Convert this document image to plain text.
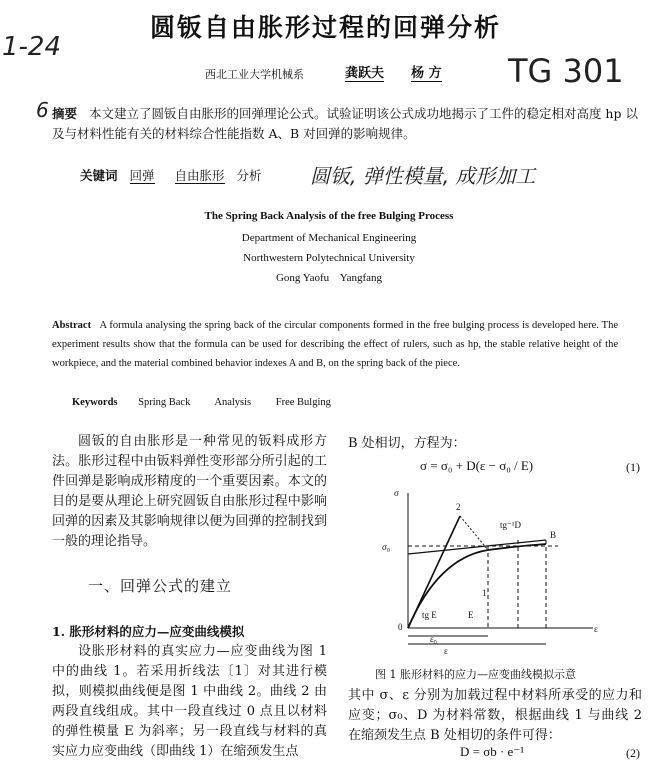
1-24
TG 301
6
圆钣, 弹性模量, 成形加工
圆钣自由胀形过程的回弹分析
西北工业大学机械系	龚跃夫 杨 方
摘要 本文建立了圆钣自由胀形的回弹理论公式。试验证明该公式成功地揭示了工件的稳定相对高度 hp 以及与材料性能有关的材料综合性能指数 A、B 对回弹的影响规律。
关键词 回弹 自由胀形 分析
The Spring Back Analysis of the free Bulging Process
Department of Mechanical Engineering
Northwestern Polytechnical University
Gong Yaofu    Yangfang
Abstract A formula analysing the spring back of the circular components formed in the free bulging process is developed here. The experiment results show that the formula can be used for describing the effect of rulers, such as hp, the stable relative height of the workpiece, and the material combined behavior indexes A and B, on the spring back of the piece.
Keywords Spring Back Analysis Free Bulging
圆钣的自由胀形是一种常见的钣料成形方法。胀形过程中由钣料弹性变形部分所引起的工件回弹是影响成形精度的一个重要因素。本文的目的是要从理论上研究圆钣自由胀形过程中影响回弹的因素及其影响规律以便为回弹的控制找到一般的理论指导。
一、回弹公式的建立
1. 胀形材料的应力—应变曲线模拟
设胀形材料的真实应力—应变曲线为图 1 中的曲线 1。若采用折线法〔1〕对其进行模拟，则模拟曲线便是图 1 中曲线 2。曲线 2 由两段直线组成。其中一段直线过 0 点且以材料的弹性模量 E 为斜率；另一段直线与材料的真实应力应变曲线（即曲线 1）在缩颈发生点
B 处相切，方程为：
σ = σ₀ + D(ε − σ₀ / E)	(1)
σ
σ₀
0	ε
1
2
B
tg E	E
tg⁻¹D
ε
ε₀
图 1 胀形材料的应力—应变曲线模拟示意
其中 σ、ε 分别为加载过程中材料所承受的应力和应变；σ₀、D 为材料常数，根据曲线 1 与曲线 2 在缩颈发生点 B 处相切的条件可得：
D = σb · e⁻¹	(2)
